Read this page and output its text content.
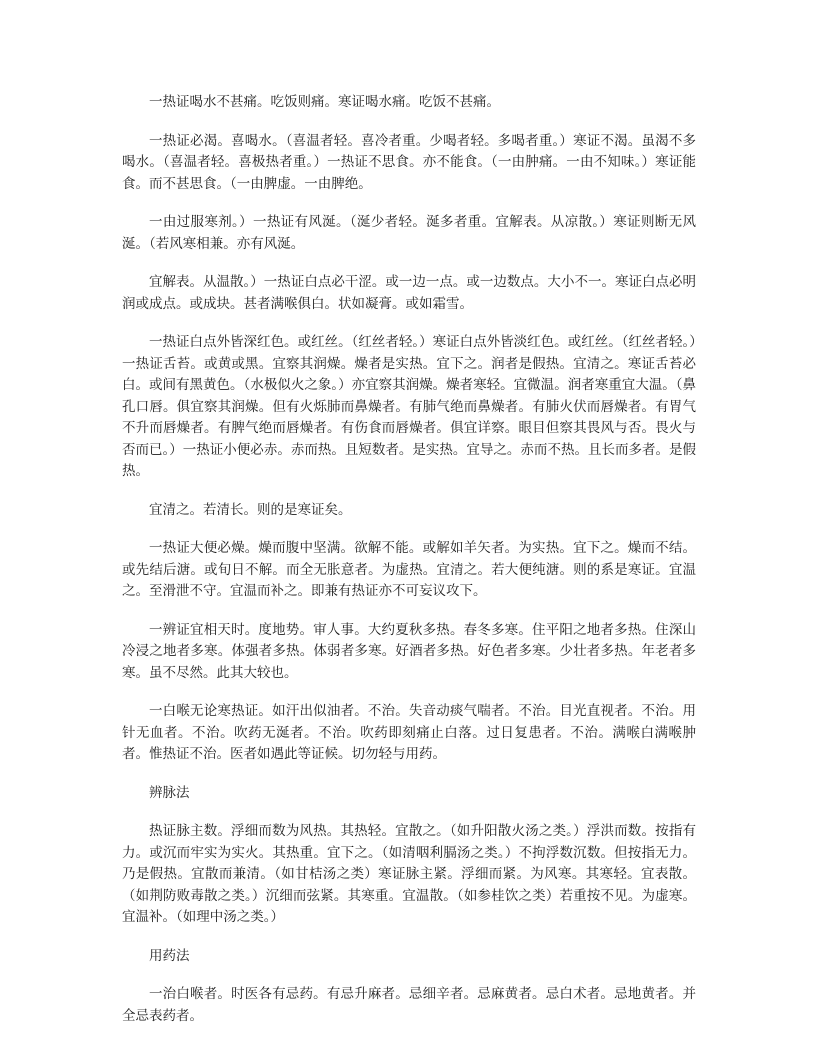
一热证喝水不甚痛。吃饭则痛。寒证喝水痛。吃饭不甚痛。

一热证必渴。喜喝水。（喜温者轻。喜冷者重。少喝者轻。多喝者重。）寒证不渴。虽渴不多喝水。（喜温者轻。喜极热者重。）一热证不思食。亦不能食。（一由肿痛。一由不知味。）寒证能食。而不甚思食。（一由脾虚。一由脾绝。

一由过服寒剂。）一热证有风涎。（涎少者轻。涎多者重。宜解表。从凉散。）寒证则断无风涎。（若风寒相兼。亦有风涎。

宜解表。从温散。）一热证白点必干涩。或一边一点。或一边数点。大小不一。寒证白点必明润或成点。或成块。甚者满喉俱白。状如凝膏。或如霜雪。

一热证白点外皆深红色。或红丝。（红丝者轻。）寒证白点外皆淡红色。或红丝。（红丝者轻。）一热证舌苔。或黄或黑。宜察其润燥。燥者是实热。宜下之。润者是假热。宜清之。寒证舌苔必白。或间有黑黄色。（水极似火之象。）亦宜察其润燥。燥者寒轻。宜微温。润者寒重宜大温。（鼻孔口唇。俱宜察其润燥。但有火烁肺而鼻燥者。有肺气绝而鼻燥者。有肺火伏而唇燥者。有胃气不升而唇燥者。有脾气绝而唇燥者。有伤食而唇燥者。俱宜详察。眼目但察其畏风与否。畏火与否而已。）一热证小便必赤。赤而热。且短数者。是实热。宜导之。赤而不热。且长而多者。是假热。

宜清之。若清长。则的是寒证矣。

一热证大便必燥。燥而腹中坚满。欲解不能。或解如羊矢者。为实热。宜下之。燥而不结。或先结后溏。或旬日不解。而全无胀意者。为虚热。宜清之。若大便纯溏。则的系是寒证。宜温之。至滑泄不守。宜温而补之。即兼有热证亦不可妄议攻下。

一辨证宜相天时。度地势。审人事。大约夏秋多热。春冬多寒。住平阳之地者多热。住深山冷浸之地者多寒。体强者多热。体弱者多寒。好酒者多热。好色者多寒。少壮者多热。年老者多寒。虽不尽然。此其大较也。

一白喉无论寒热证。如汗出似油者。不治。失音动痰气喘者。不治。目光直视者。不治。用针无血者。不治。吹药无涎者。不治。吹药即刻痛止白落。过日复患者。不治。满喉白满喉肿者。惟热证不治。医者如遇此等证候。切勿轻与用药。

辨脉法

热证脉主数。浮细而数为风热。其热轻。宜散之。（如升阳散火汤之类。）浮洪而数。按指有力。或沉而牢实为实火。其热重。宜下之。（如清咽利膈汤之类。）不拘浮数沉数。但按指无力。乃是假热。宜散而兼清。（如甘桔汤之类）寒证脉主紧。浮细而紧。为风寒。其寒轻。宜表散。（如荆防败毒散之类。）沉细而弦紧。其寒重。宜温散。（如参桂饮之类）若重按不见。为虚寒。宜温补。（如理中汤之类。）

用药法

一治白喉者。时医各有忌药。有忌升麻者。忌细辛者。忌麻黄者。忌白术者。忌地黄者。并全忌表药者。
